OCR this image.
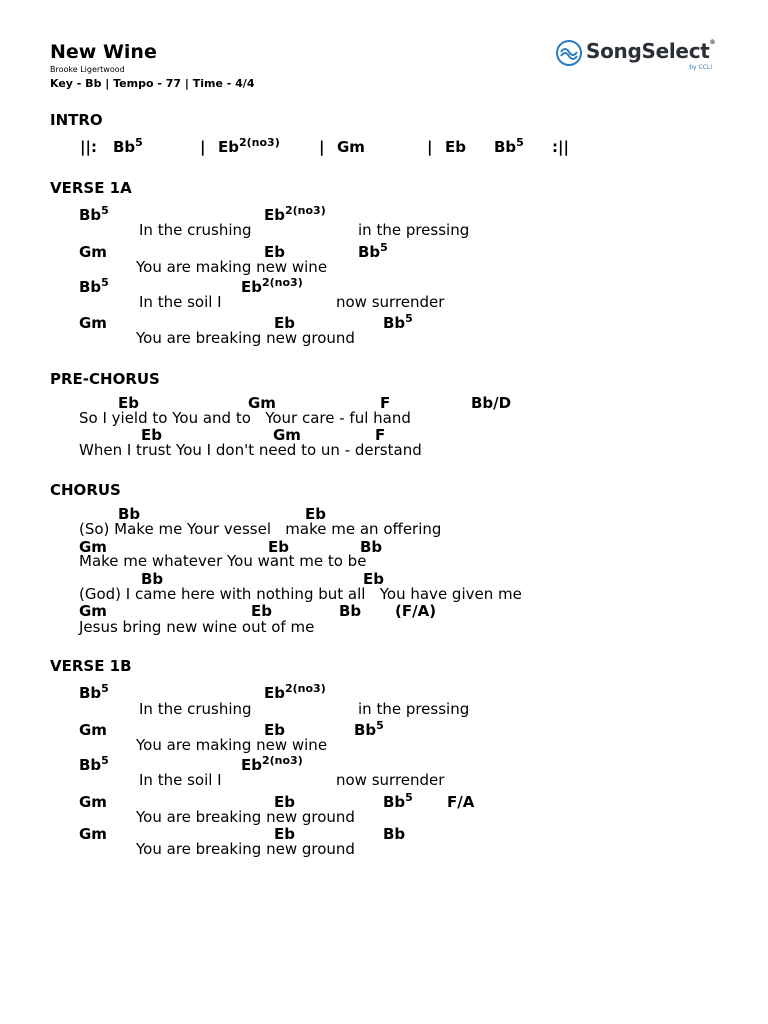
New Wine
Brooke Ligertwood
Key - Bb | Tempo - 77 | Time - 4/4

SongSelect®

by CCLI

INTRO
||: Bb$^5$	| $Eb^{2(no3)}$	| Gm	| Eb Bb$^5$ :||
VERSE 1A
Bb$^5$	$Eb^{2(no3)}$
In the crushing	in the pressing
Gm	Eb	Bb$^5$
You are making new wine
Bb$^5$	$Eb^{2(no3)}$
In the soil I	now surrender
Gm	Eb	Bb$^5$
You are breaking new ground
PRE-CHORUS
Eb	Gm	F	Bb/D
So I yield to You and to   Your care - ful hand
Eb	Gm	F
When I trust You I don't need to un - derstand
CHORUS
Bb	Eb
(So) Make me Your vessel   make me an offering
Gm	Eb	Bb
Make me whatever You want me to be
Bb	Eb
(God) I came here with nothing but all   You have given me
Gm	Eb	Bb (F/A)
Jesus bring new wine out of me
VERSE 1B
Bb$^5$	$Eb^{2(no3)}$
In the crushing	in the pressing
Gm	Eb	Bb$^5$
You are making new wine
Bb$^5$	$Eb^{2(no3)}$
In the soil I	now surrender
Gm	Eb	Bb$^5$ F/A
You are breaking new ground
Gm	Eb	Bb
You are breaking new ground
